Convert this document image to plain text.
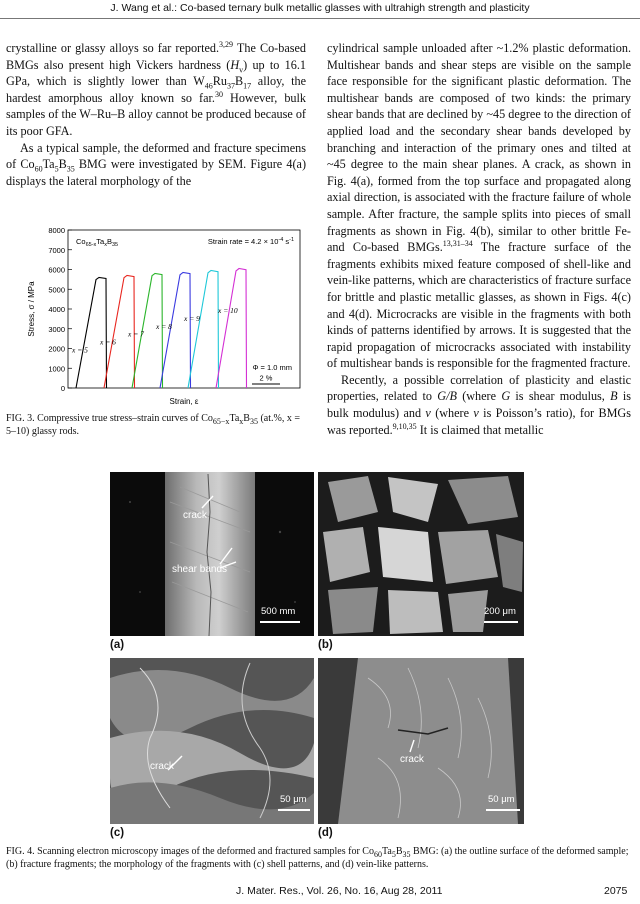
J. Wang et al.: Co-based ternary bulk metallic glasses with ultrahigh strength and plasticity

crystalline or glassy alloys so far reported.$^{3,29}$ The Co-based BMGs also present high Vickers hardness $(H_v)$ up to 16.1 GPa, which is slightly lower than $W_{46}Ru_{37}B_{17}$ alloy, the hardest amorphous alloy known so far.$^{30}$ However, bulk samples of the W–Ru–B alloy cannot be produced because of its poor GFA.

As a typical sample, the deformed and fracture specimens of $Co_{60}Ta_5B_{35}$ BMG were investigated by SEM. Figure 4(a) displays the lateral morphology of the

0
1000
2000
3000
4000
5000
6000
7000
8000
Stress, σ / MPa
Strain, ε
$Co_{65-x}Ta_xB_{35}$	Strain rate = $4.2 \times 10^{-4}$ $s^{-1}$
x = 5
x = 6
x = 7
x = 8
x = 9
x = 10
Φ = 1.0 mm
2 %
FIG. 3. Compressive true stress–strain curves of $Co_{65-x}Ta_xB_{35}$ (at.%, x = 5–10) glassy rods.

cylindrical sample unloaded after ~1.2% plastic deformation. Multishear bands and shear steps are visible on the sample face responsible for the significant plastic deformation. The multishear bands are composed of two kinds: the primary shear bands that are declined by ~45 degree to the direction of applied load and the secondary shear bands developed by branching and interaction of the primary ones and tilted at ~45 degree to the main shear planes. A crack, as shown in Fig. 4(a), formed from the top surface and propagated along axial direction, is associated with the fracture failure of whole sample. After fracture, the sample splits into pieces of small fragments as shown in Fig. 4(b), similar to other brittle Fe- and Co-based BMGs.$^{13,31-34}$ The fracture surface of the fragments exhibits mixed feature composed of shell-like and vein-like patterns, which are characteristics of fracture surface for brittle and plastic metallic glasses, as shown in Figs. 4(c) and 4(d). Microcracks are visible in the fragments with both kinds of patterns identified by arrows. It is suggested that the rapid propagation of microcracks associated with instability of multishear bands is responsible for the fragmented fracture.

Recently, a possible correlation of plasticity and elastic properties, related to G/B (where G is shear modulus, B is bulk modulus) and v (where v is Poisson’s ratio), for BMGs was reported.$^{9,10,35}$ It is claimed that metallic

crack
shear bands
500 mm
(a)
200 μm
(b)
crack
50 μm
(c)
crack
50 μm
(d)
FIG. 4. Scanning electron microscopy images of the deformed and fractured samples for $Co_{60}Ta_5B_{35}$ BMG: (a) the outline surface of the deformed sample; (b) fracture fragments; the morphology of the fragments with (c) shell patterns, and (d) vein-like patterns.
J. Mater. Res., Vol. 26, No. 16, Aug 28, 2011	2075
